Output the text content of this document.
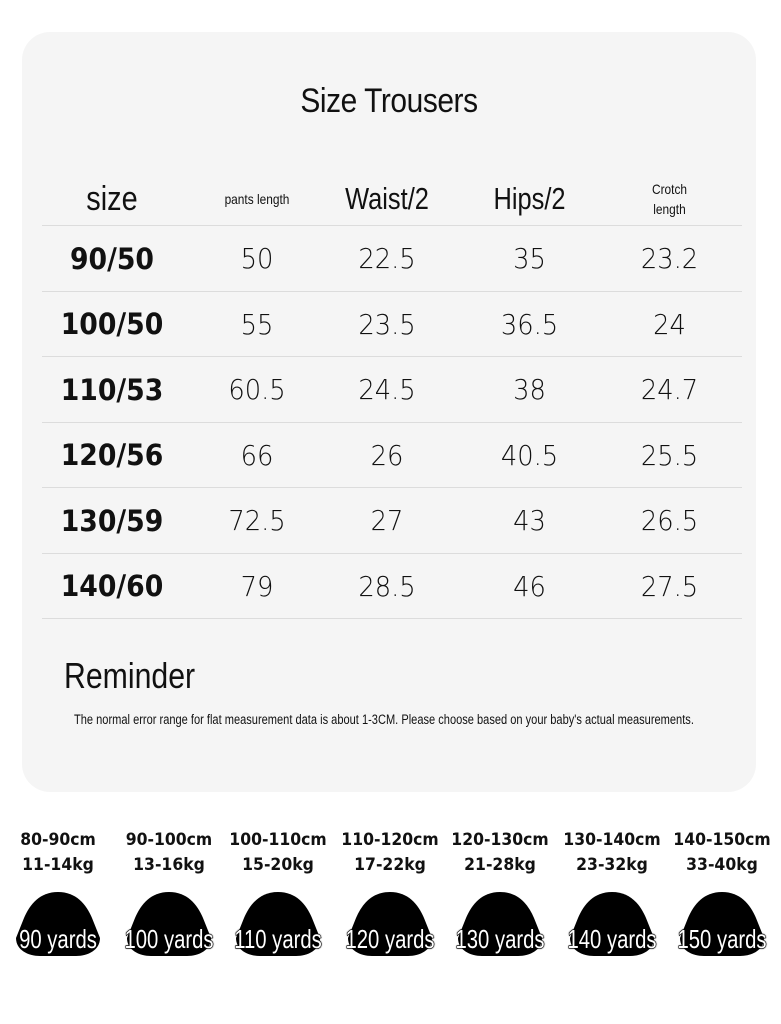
Size Trousers
size	pants length	Waist/2	Hips/2	Crotch
length
90/50	50	22.5	35	23.2
100/50	55	23.5	36.5	24
110/53	60.5	24.5	38	24.7
120/56	66	26	40.5	25.5
130/59	72.5	27	43	26.5
140/60	79	28.5	46	27.5
Reminder
The normal error range for flat measurement data is about 1-3CM. Please choose based on your baby's actual measurements.
80-90cm
11-14kg
90 yards
90-100cm
13-16kg
100 yards
100-110cm
15-20kg
110 yards
110-120cm
17-22kg
120 yards
120-130cm
21-28kg
130 yards
130-140cm
23-32kg
140 yards
140-150cm
33-40kg
150 yards
